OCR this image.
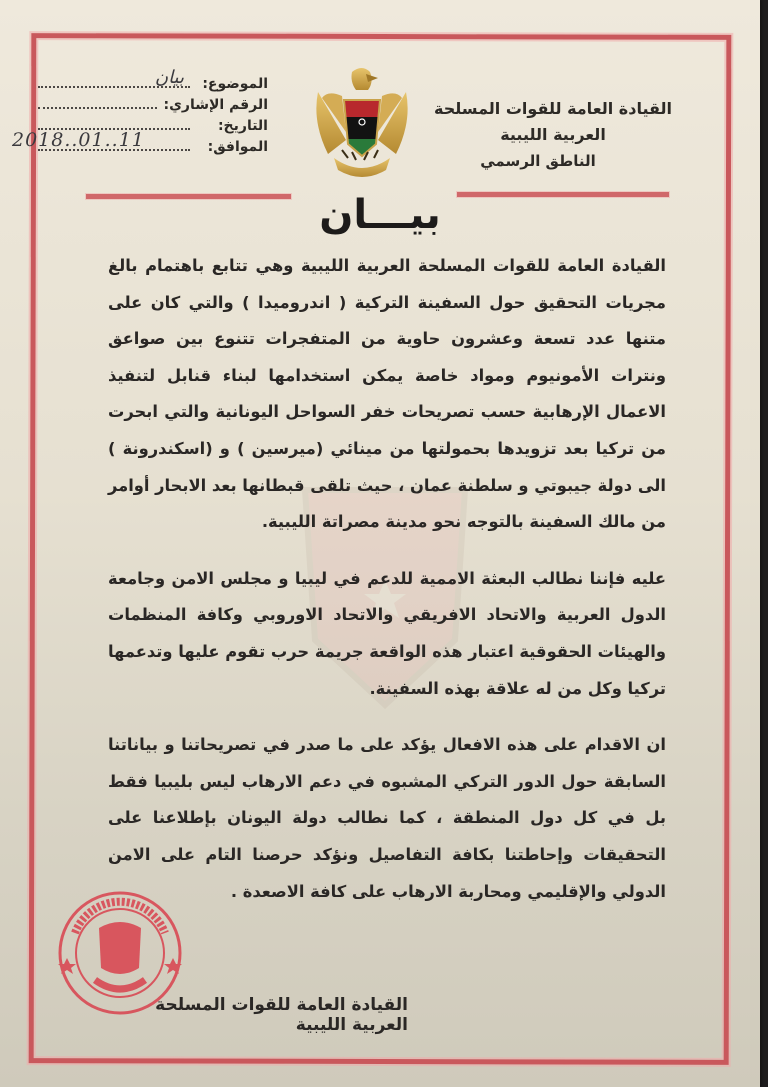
القيادة العامة للقوات المسلحة العربية الليبية
الناطق الرسمي
الموضوع:
بيان
الرقم الإشاري:
التاريخ:
الموافق:
2018..01..11
بيـــان

القيادة العامة للقوات المسلحة العربية الليبية وهي تتابع باهتمام بالغ مجريات التحقيق حول السفينة التركية ( اندروميدا ) والتي كان على متنها عدد تسعة وعشرون حاوية من المتفجرات تتنوع بين صواعق ونترات الأمونيوم ومواد خاصة يمكن استخدامها لبناء قنابل لتنفيذ الاعمال الإرهابية حسب تصريحات خفر السواحل اليونانية والتي ابحرت من تركيا بعد تزويدها بحمولتها من مينائي (ميرسين ) و (اسكندرونة ) الى دولة جيبوتي و سلطنة عمان ، حيث تلقى قبطانها بعد الابحار أوامر من مالك السفينة بالتوجه نحو مدينة مصراتة الليبية.

عليه فإننا نطالب البعثة الاممية للدعم في ليبيا و مجلس الامن وجامعة الدول العربية والاتحاد الافريقي والاتحاد الاوروبي وكافة المنظمات والهيئات الحقوقية اعتبار هذه الواقعة جريمة حرب تقوم عليها وتدعمها تركيا وكل من له علاقة بهذه السفينة.

ان الاقدام على هذه الافعال يؤكد على ما صدر في تصريحاتنا و بياناتنا السابقة حول الدور التركي المشبوه في دعم الارهاب ليس بليبيا فقط بل في كل دول المنطقة ، كما نطالب دولة اليونان بإطلاعنا على التحقيقات وإحاطتنا بكافة التفاصيل ونؤكد حرصنا التام على الامن الدولي والإقليمي ومحاربة الارهاب على كافة الاصعدة .

القيادة العامة للقوات المسلحة العربية الليبية
